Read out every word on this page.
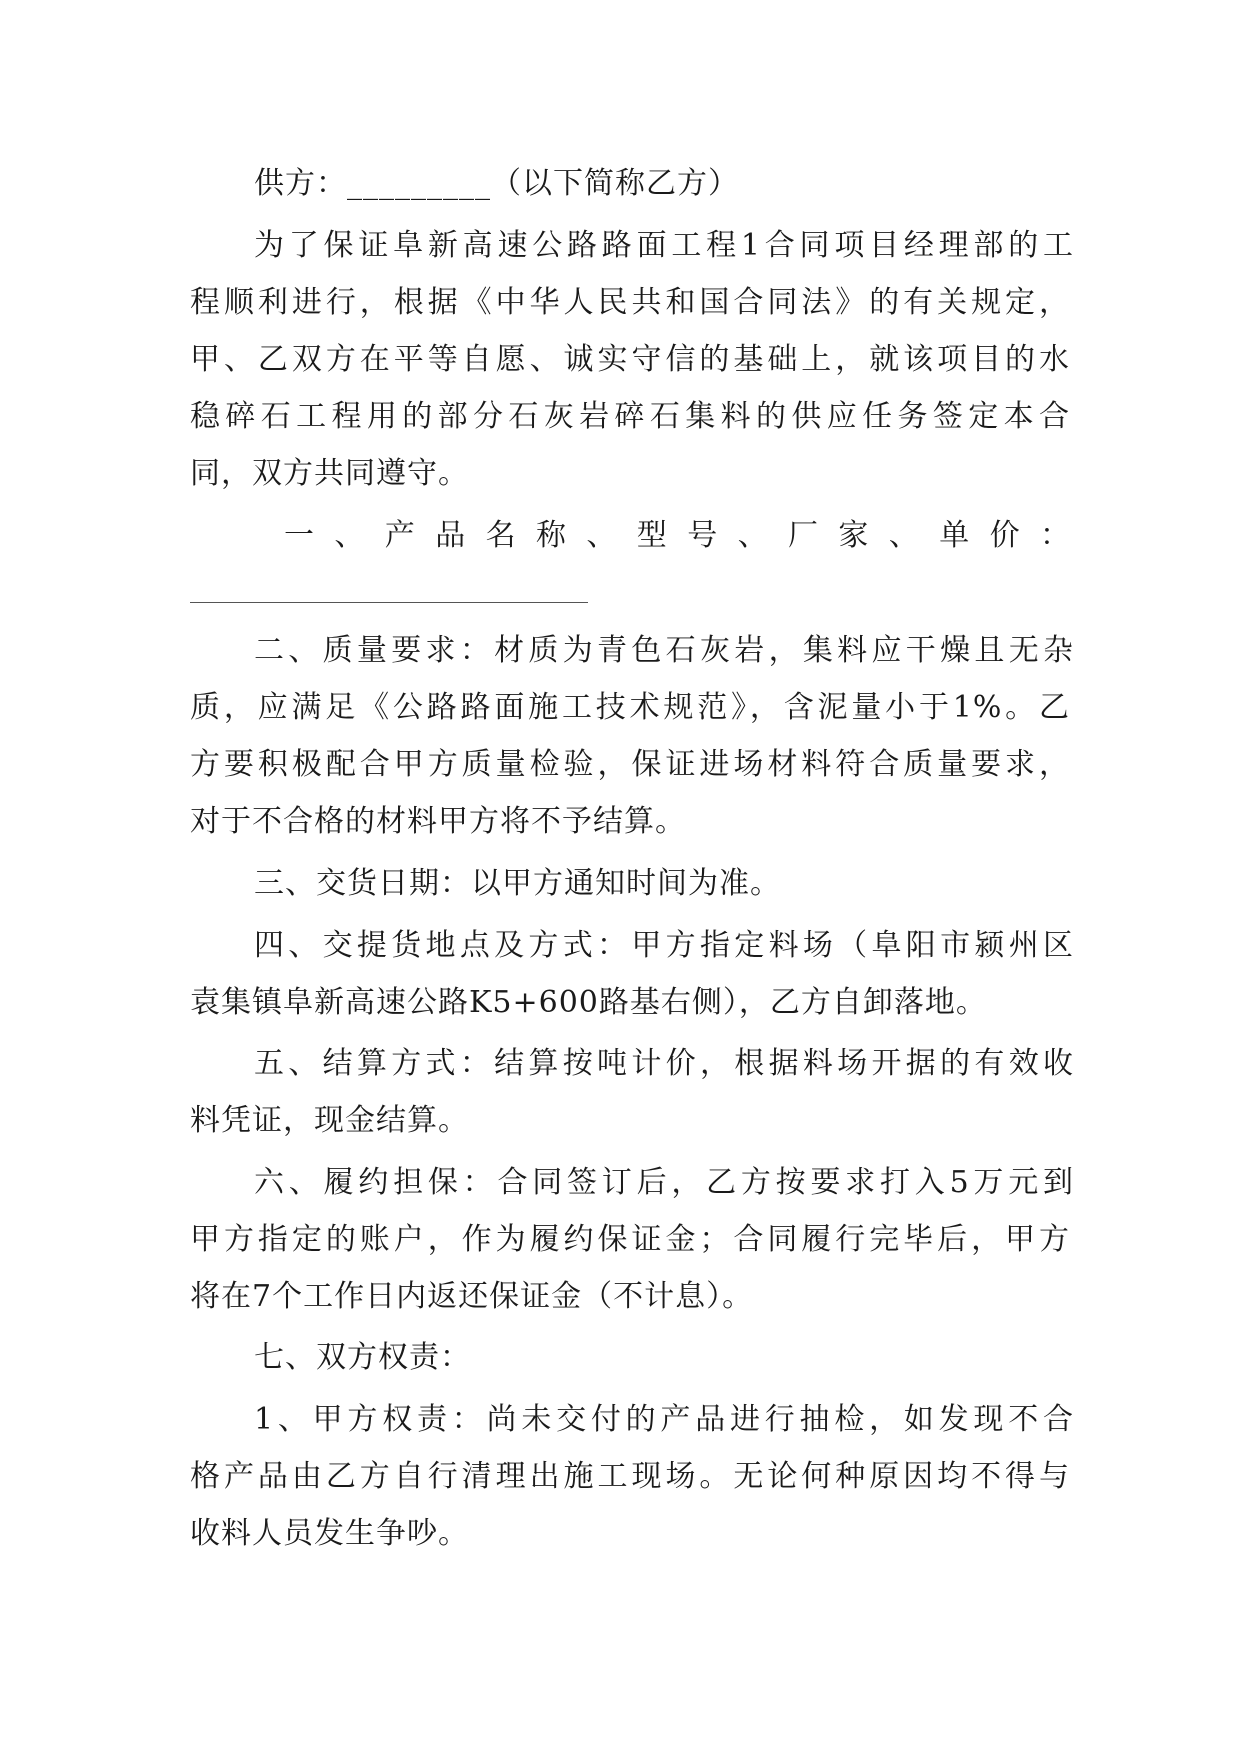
供方：_________（以下简称乙方）
为了保证阜新高速公路路面工程1合同项目经理部的工
程顺利进行，根据《中华人民共和国合同法》的有关规定，
甲、乙双方在平等自愿、诚实守信的基础上，就该项目的水
稳碎石工程用的部分石灰岩碎石集料的供应任务签定本合
同，双方共同遵守。
一、产品名称、型号、厂家、单价：
二、质量要求：材质为青色石灰岩，集料应干燥且无杂
质，应满足《公路路面施工技术规范》，含泥量小于1%。乙
方要积极配合甲方质量检验，保证进场材料符合质量要求，
对于不合格的材料甲方将不予结算。
三、交货日期：以甲方通知时间为准。
四、交提货地点及方式：甲方指定料场（阜阳市颍州区
袁集镇阜新高速公路K5+600路基右侧），乙方自卸落地。
五、结算方式：结算按吨计价，根据料场开据的有效收
料凭证，现金结算。
六、履约担保：合同签订后，乙方按要求打入5万元到
甲方指定的账户，作为履约保证金；合同履行完毕后，甲方
将在7个工作日内返还保证金（不计息）。
七、双方权责：
1、甲方权责：尚未交付的产品进行抽检，如发现不合
格产品由乙方自行清理出施工现场。无论何种原因均不得与
收料人员发生争吵。
